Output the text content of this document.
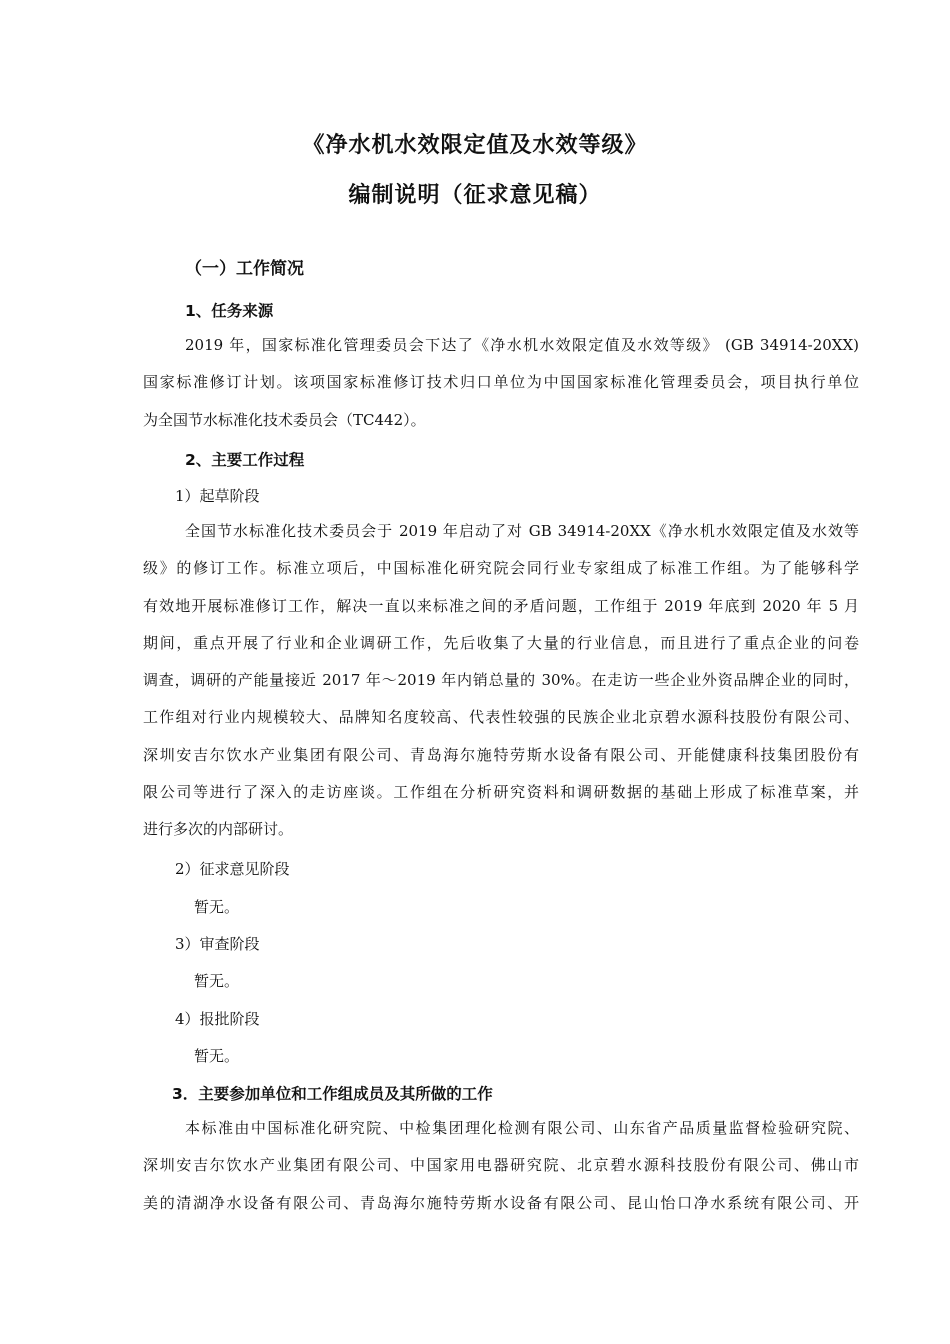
《净水机水效限定值及水效等级》
编制说明（征求意见稿）
（一）工作简况
1、任务来源
2019 年，国家标准化管理委员会下达了《净水机水效限定值及水效等级》 (GB 34914-20XX)
国家标准修订计划。该项国家标准修订技术归口单位为中国国家标准化管理委员会，项目执行单位
为全国节水标准化技术委员会（TC442）。
2、主要工作过程
1）起草阶段
全国节水标准化技术委员会于 2019 年启动了对 GB 34914-20XX《净水机水效限定值及水效等
级》的修订工作。标准立项后，中国标准化研究院会同行业专家组成了标准工作组。为了能够科学
有效地开展标准修订工作，解决一直以来标准之间的矛盾问题，工作组于 2019 年底到 2020 年 5 月
期间，重点开展了行业和企业调研工作，先后收集了大量的行业信息，而且进行了重点企业的问卷
调查，调研的产能量接近 2017 年～2019 年内销总量的 30%。在走访一些企业外资品牌企业的同时，
工作组对行业内规模较大、品牌知名度较高、代表性较强的民族企业北京碧水源科技股份有限公司、
深圳安吉尔饮水产业集团有限公司、青岛海尔施特劳斯水设备有限公司、开能健康科技集团股份有
限公司等进行了深入的走访座谈。工作组在分析研究资料和调研数据的基础上形成了标准草案，并
进行多次的内部研讨。
2）征求意见阶段
暂无。
3）审查阶段
暂无。
4）报批阶段
暂无。
3．主要参加单位和工作组成员及其所做的工作
本标准由中国标准化研究院、中检集团理化检测有限公司、山东省产品质量监督检验研究院、
深圳安吉尔饮水产业集团有限公司、中国家用电器研究院、北京碧水源科技股份有限公司、佛山市
美的清湖净水设备有限公司、青岛海尔施特劳斯水设备有限公司、昆山怡口净水系统有限公司、开
